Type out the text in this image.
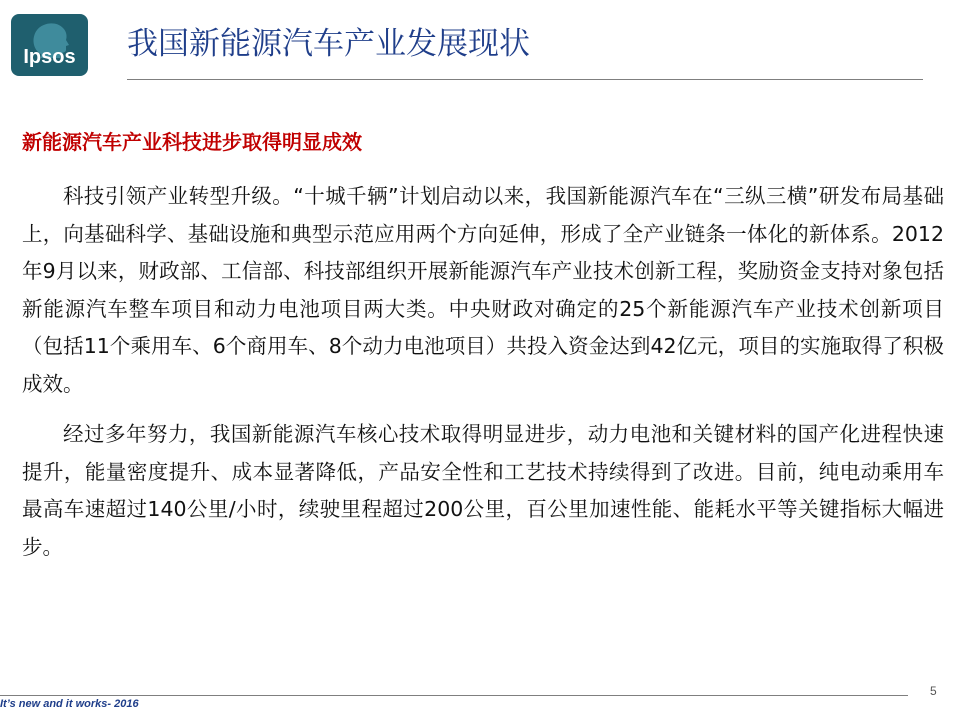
Ipsos	我国新能源汽车产业发展现状
新能源汽车产业科技进步取得明显成效

科技引领产业转型升级。“十城千辆”计划启动以来，我国新能源汽车在“三纵三横”研发布局基础上，向基础科学、基础设施和典型示范应用两个方向延伸，形成了全产业链条一体化的新体系。2012年9月以来，财政部、工信部、科技部组织开展新能源汽车产业技术创新工程，奖励资金支持对象包括新能源汽车整车项目和动力电池项目两大类。中央财政对确定的25个新能源汽车产业技术创新项目（包括11个乘用车、6个商用车、8个动力电池项目）共投入资金达到42亿元，项目的实施取得了积极成效。

经过多年努力，我国新能源汽车核心技术取得明显进步，动力电池和关键材料的国产化进程快速提升，能量密度提升、成本显著降低，产品安全性和工艺技术持续得到了改进。目前，纯电动乘用车最高车速超过140公里/小时，续驶里程超过200公里，百公里加速性能、能耗水平等关键指标大幅进步。

It’s new and it works- 2016
5
